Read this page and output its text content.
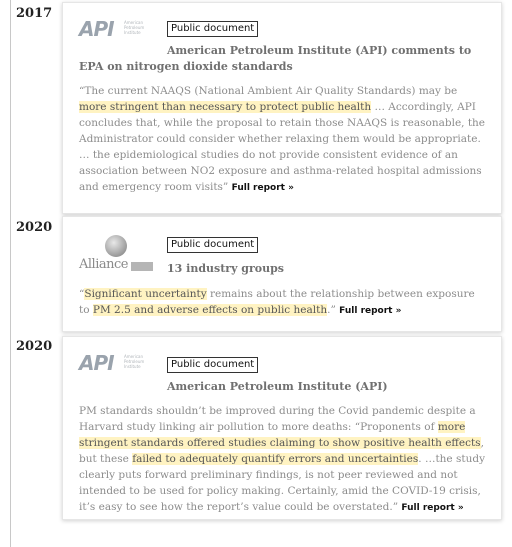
2017
API	American Petroleum Institute	Public document
American Petroleum Institute (API) comments to EPA on nitrogen dioxide standards
“The current NAAQS (National Ambient Air Quality Standards) may be more stringent than necessary to protect public health … Accordingly, API concludes that, while the proposal to retain those NAAQS is reasonable, the Administrator could consider whether relaxing them would be appropriate. … the epidemiological studies do not provide consistent evidence of an association between NO2 exposure and asthma-related hospital admissions and emergency room visits” Full report »
2020
Alliance
Public document
13 industry groups
“Significant uncertainty remains about the relationship between exposure to PM 2.5 and adverse effects on public health.” Full report »
2020
API	American Petroleum Institute	Public document
American Petroleum Institute (API)
PM standards shouldn’t be improved during the Covid pandemic despite a Harvard study linking air pollution to more deaths: “Proponents of more stringent standards offered studies claiming to show positive health effects, but these failed to adequately quantify errors and uncertainties. …the study clearly puts forward preliminary findings, is not peer reviewed and not intended to be used for policy making. Certainly, amid the COVID-19 crisis, it’s easy to see how the report’s value could be overstated.” Full report »
